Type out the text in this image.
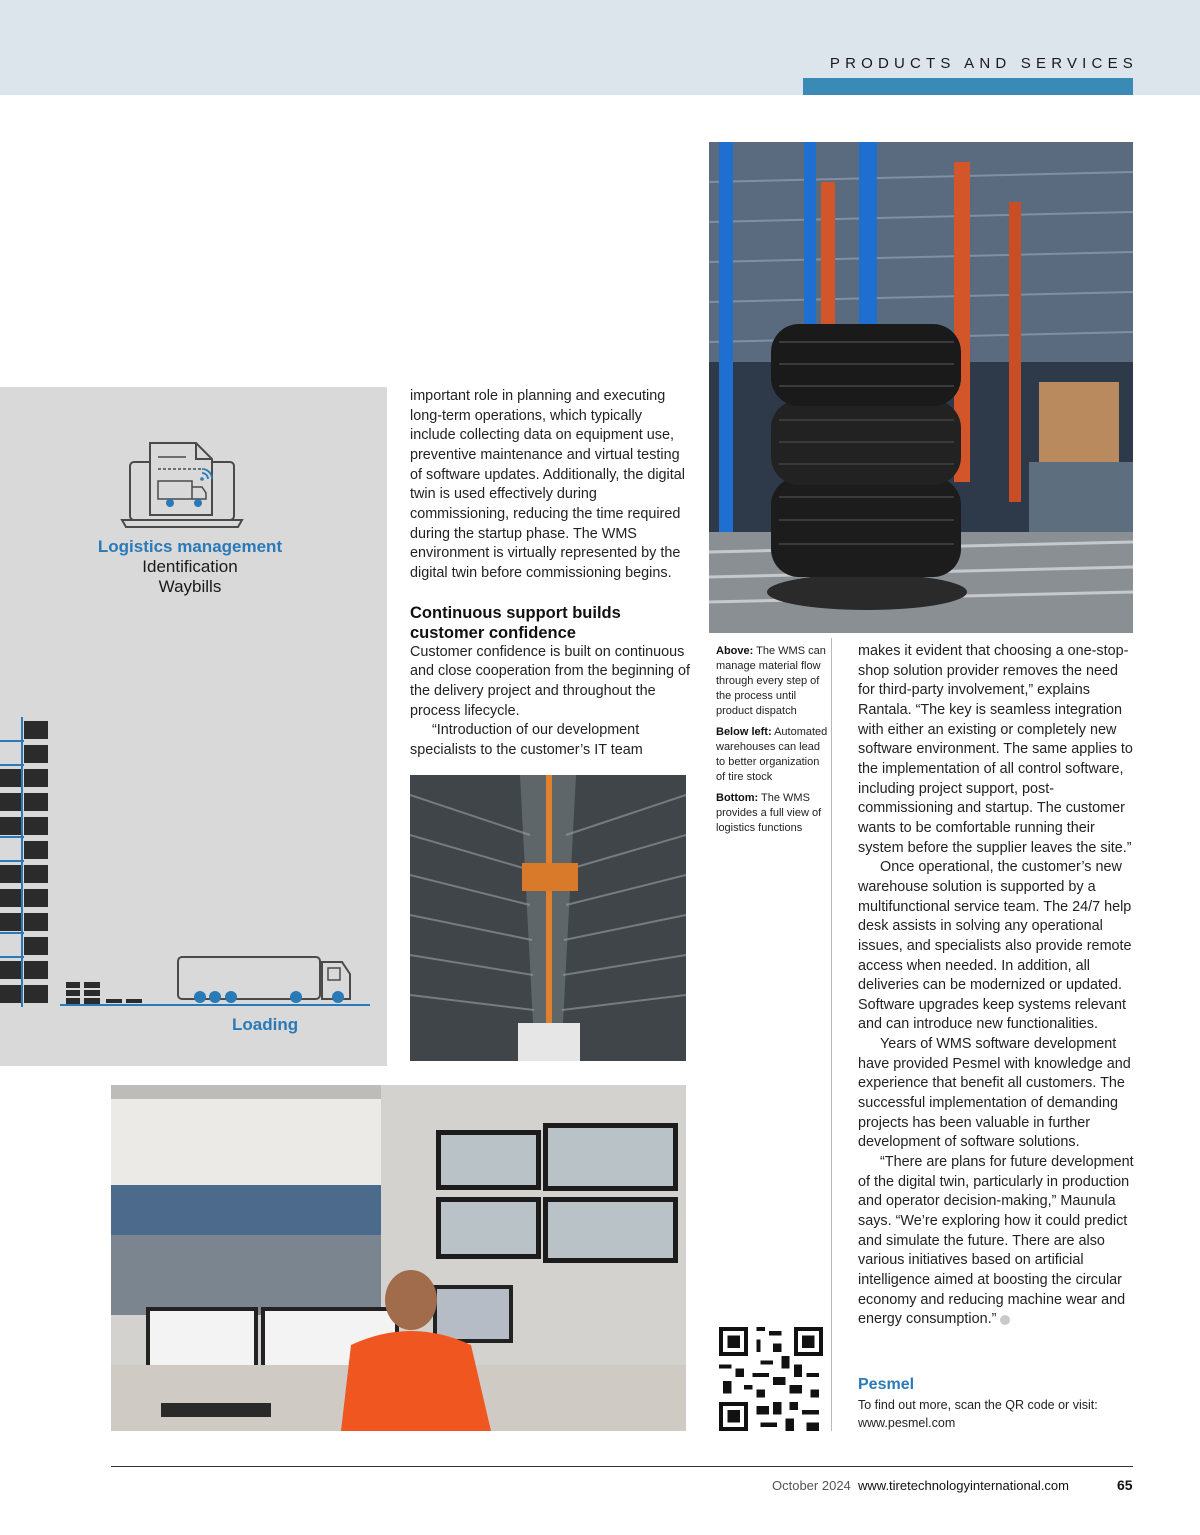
PRODUCTS AND SERVICES
Logistics management
Identification
Waybills
Loading

important role in planning and executing long-term operations, which typically include collecting data on equipment use, preventive maintenance and virtual testing of software updates. Additionally, the digital twin is used effectively during commissioning, reducing the time required during the startup phase. The WMS environment is virtually represented by the digital twin before commissioning begins.

Continuous support builds customer confidence

Customer confidence is built on continuous and close cooperation from the beginning of the delivery project and throughout the process lifecycle.

“Introduction of our development specialists to the customer’s IT team

Above: The WMS can manage material flow through every step of the process until product dispatch

Below left: Automated warehouses can lead to better organization of tire stock

Bottom: The WMS provides a full view of logistics functions

makes it evident that choosing a one-stop-shop solution provider removes the need for third-party involvement,” explains Rantala. “The key is seamless integration with either an existing or completely new software environment. The same applies to the implementation of all control software, including project support, post-commissioning and startup. The customer wants to be comfortable running their system before the supplier leaves the site.”

Once operational, the customer’s new warehouse solution is supported by a multifunctional service team. The 24/7 help desk assists in solving any operational issues, and specialists also provide remote access when needed. In addition, all deliveries can be modernized or updated. Software upgrades keep systems relevant and can introduce new functionalities.

Years of WMS software development have provided Pesmel with knowledge and experience that benefit all customers. The successful implementation of demanding projects has been valuable in further development of software solutions.

“There are plans for future development of the digital twin, particularly in production and operator decision-making,” Maunula says. “We’re exploring how it could predict and simulate the future. There are also various initiatives based on artificial intelligence aimed at boosting the circular economy and reducing machine wear and energy consumption.”

Pesmel
To find out more, scan the QR code or visit:
www.pesmel.com
October 2024 www.tiretechnologyinternational.com	65
